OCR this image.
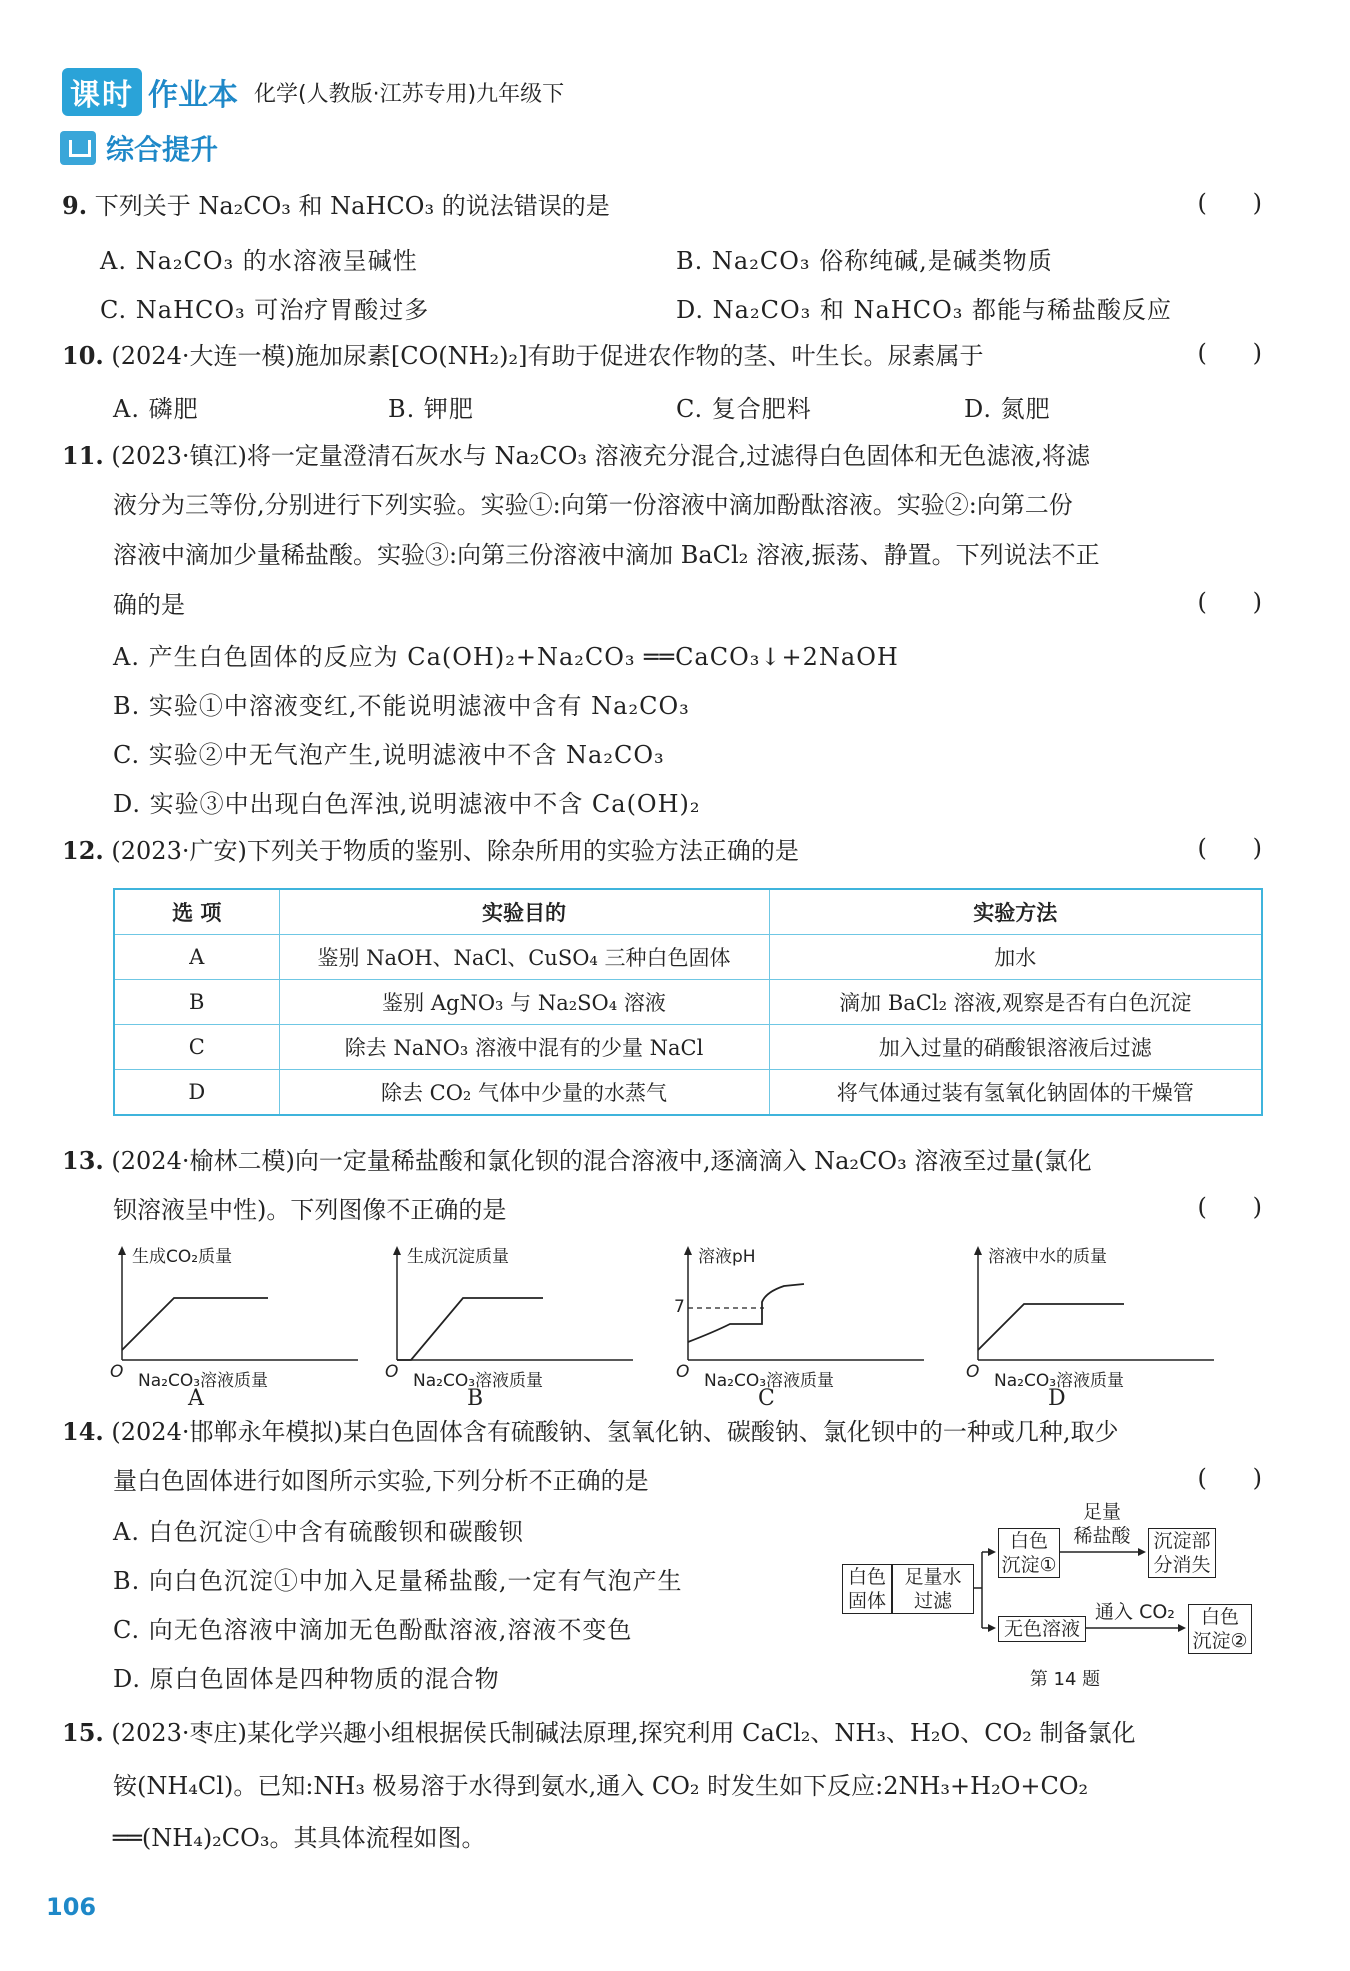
课时 作业本 化学(人教版·江苏专用)九年级下
综合提升
9. 下列关于 Na₂CO₃ 和 NaHCO₃ 的说法错误的是	(      )
A. Na₂CO₃ 的水溶液呈碱性	B. Na₂CO₃ 俗称纯碱,是碱类物质
C. NaHCO₃ 可治疗胃酸过多	D. Na₂CO₃ 和 NaHCO₃ 都能与稀盐酸反应
10. (2024·大连一模)施加尿素[CO(NH₂)₂]有助于促进农作物的茎、叶生长。尿素属于	(      )
A. 磷肥	B. 钾肥	C. 复合肥料	D. 氮肥
11. (2023·镇江)将一定量澄清石灰水与 Na₂CO₃ 溶液充分混合,过滤得白色固体和无色滤液,将滤
液分为三等份,分别进行下列实验。实验①:向第一份溶液中滴加酚酞溶液。实验②:向第二份
溶液中滴加少量稀盐酸。实验③:向第三份溶液中滴加 BaCl₂ 溶液,振荡、静置。下列说法不正
确的是	(      )
A. 产生白色固体的反应为 Ca(OH)₂+Na₂CO₃ ══CaCO₃↓+2NaOH
B. 实验①中溶液变红,不能说明滤液中含有 Na₂CO₃
C. 实验②中无气泡产生,说明滤液中不含 Na₂CO₃
D. 实验③中出现白色浑浊,说明滤液中不含 Ca(OH)₂
12. (2023·广安)下列关于物质的鉴别、除杂所用的实验方法正确的是	(      )
选 项	实验目的	实验方法
A	鉴别 NaOH、NaCl、CuSO₄ 三种白色固体	加水
B	鉴别 AgNO₃ 与 Na₂SO₄ 溶液	滴加 BaCl₂ 溶液,观察是否有白色沉淀
C	除去 NaNO₃ 溶液中混有的少量 NaCl	加入过量的硝酸银溶液后过滤
D	除去 CO₂ 气体中少量的水蒸气	将气体通过装有氢氧化钠固体的干燥管
13. (2024·榆林二模)向一定量稀盐酸和氯化钡的混合溶液中,逐滴滴入 Na₂CO₃ 溶液至过量(氯化
钡溶液呈中性)。下列图像不正确的是	(      )
生成CO₂质量
O Na₂CO₃溶液质量
A
生成沉淀质量
O Na₂CO₃溶液质量
B
溶液pH
7
O Na₂CO₃溶液质量
C
溶液中水的质量
O Na₂CO₃溶液质量
D
14. (2024·邯郸永年模拟)某白色固体含有硫酸钠、氢氧化钠、碳酸钠、氯化钡中的一种或几种,取少
量白色固体进行如图所示实验,下列分析不正确的是	(      )
A. 白色沉淀①中含有硫酸钡和碳酸钡
B. 向白色沉淀①中加入足量稀盐酸,一定有气泡产生
C. 向无色溶液中滴加无色酚酞溶液,溶液不变色
D. 原白色固体是四种物质的混合物
白色
固体
足量水
过滤
白色
沉淀①
足量
稀盐酸	沉淀部
分消失
无色溶液
通入 CO₂	白色
沉淀②
第 14 题
15. (2023·枣庄)某化学兴趣小组根据侯氏制碱法原理,探究利用 CaCl₂、NH₃、H₂O、CO₂ 制备氯化
铵(NH₄Cl)。已知:NH₃ 极易溶于水得到氨水,通入 CO₂ 时发生如下反应:2NH₃+H₂O+CO₂
══(NH₄)₂CO₃。其具体流程如图。
106
